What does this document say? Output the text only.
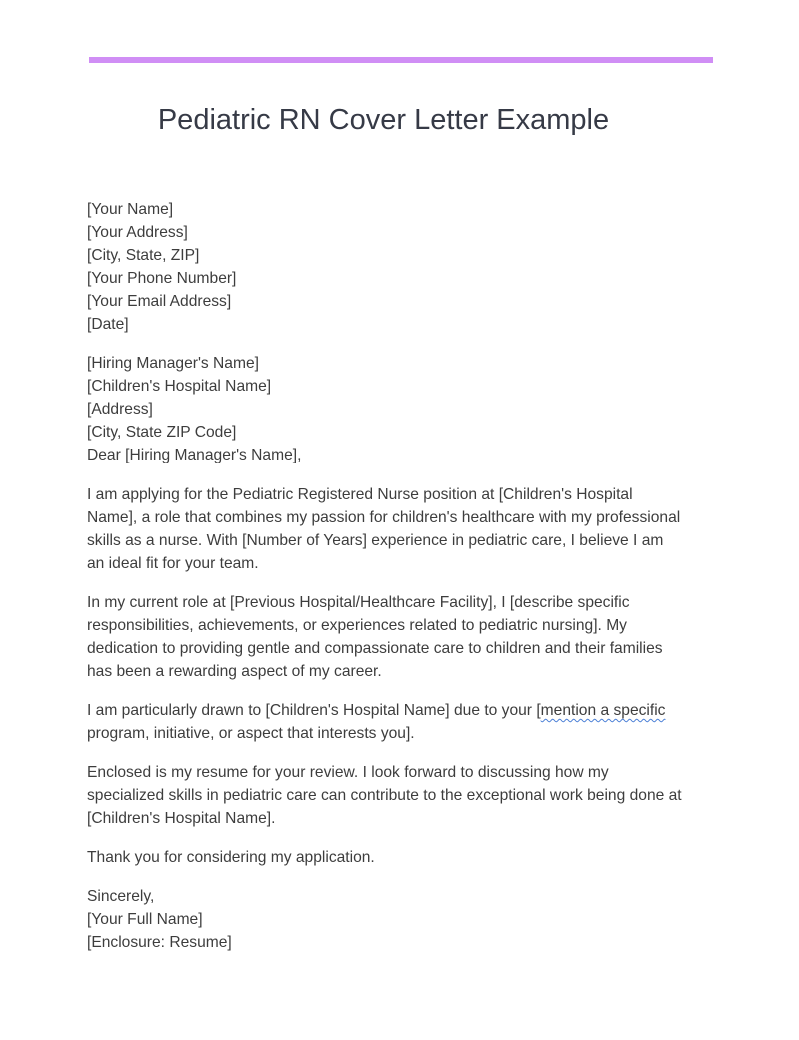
Pediatric RN Cover Letter Example
[Your Name]
[Your Address]
[City, State, ZIP]
[Your Phone Number]
[Your Email Address]
[Date]
[Hiring Manager's Name]
[Children's Hospital Name]
[Address]
[City, State ZIP Code]
Dear [Hiring Manager's Name],

I am applying for the Pediatric Registered Nurse position at [Children's Hospital Name], a role that combines my passion for children's healthcare with my professional skills as a nurse. With [Number of Years] experience in pediatric care, I believe I am an ideal fit for your team.

In my current role at [Previous Hospital/Healthcare Facility], I [describe specific responsibilities, achievements, or experiences related to pediatric nursing]. My dedication to providing gentle and compassionate care to children and their families has been a rewarding aspect of my career.

I am particularly drawn to [Children's Hospital Name] due to your [mention a specific program, initiative, or aspect that interests you].

Enclosed is my resume for your review. I look forward to discussing how my specialized skills in pediatric care can contribute to the exceptional work being done at [Children's Hospital Name].

Thank you for considering my application.

Sincerely,
[Your Full Name]
[Enclosure: Resume]
